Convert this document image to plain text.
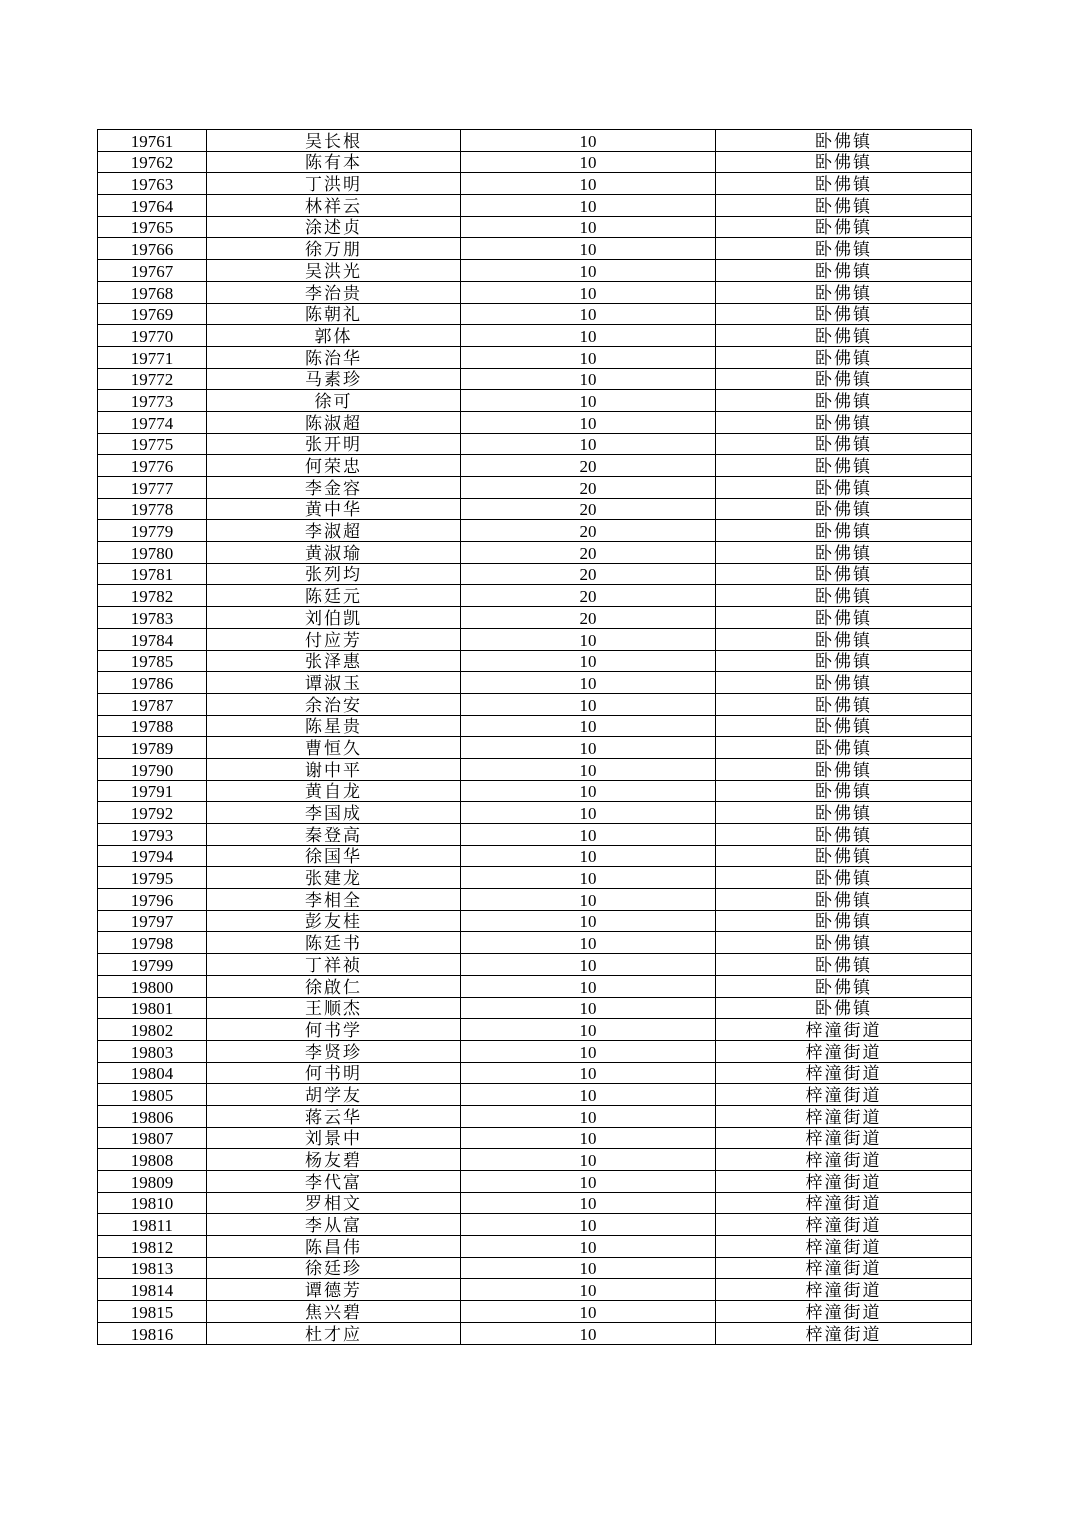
19761	吴长根	10	卧佛镇
19762	陈有本	10	卧佛镇
19763	丁洪明	10	卧佛镇
19764	林祥云	10	卧佛镇
19765	涂述贞	10	卧佛镇
19766	徐万朋	10	卧佛镇
19767	吴洪光	10	卧佛镇
19768	李治贵	10	卧佛镇
19769	陈朝礼	10	卧佛镇
19770	郭体	10	卧佛镇
19771	陈治华	10	卧佛镇
19772	马素珍	10	卧佛镇
19773	徐可	10	卧佛镇
19774	陈淑超	10	卧佛镇
19775	张开明	10	卧佛镇
19776	何荣忠	20	卧佛镇
19777	李金容	20	卧佛镇
19778	黄中华	20	卧佛镇
19779	李淑超	20	卧佛镇
19780	黄淑瑜	20	卧佛镇
19781	张列均	20	卧佛镇
19782	陈廷元	20	卧佛镇
19783	刘伯凯	20	卧佛镇
19784	付应芳	10	卧佛镇
19785	张泽惠	10	卧佛镇
19786	谭淑玉	10	卧佛镇
19787	余治安	10	卧佛镇
19788	陈星贵	10	卧佛镇
19789	曹恒久	10	卧佛镇
19790	谢中平	10	卧佛镇
19791	黄自龙	10	卧佛镇
19792	李国成	10	卧佛镇
19793	秦登高	10	卧佛镇
19794	徐国华	10	卧佛镇
19795	张建龙	10	卧佛镇
19796	李相全	10	卧佛镇
19797	彭友桂	10	卧佛镇
19798	陈廷书	10	卧佛镇
19799	丁祥祯	10	卧佛镇
19800	徐啟仁	10	卧佛镇
19801	王顺杰	10	卧佛镇
19802	何书学	10	梓潼街道
19803	李贤珍	10	梓潼街道
19804	何书明	10	梓潼街道
19805	胡学友	10	梓潼街道
19806	蒋云华	10	梓潼街道
19807	刘景中	10	梓潼街道
19808	杨友碧	10	梓潼街道
19809	李代富	10	梓潼街道
19810	罗相文	10	梓潼街道
19811	李从富	10	梓潼街道
19812	陈昌伟	10	梓潼街道
19813	徐廷珍	10	梓潼街道
19814	谭德芳	10	梓潼街道
19815	焦兴碧	10	梓潼街道
19816	杜才应	10	梓潼街道
